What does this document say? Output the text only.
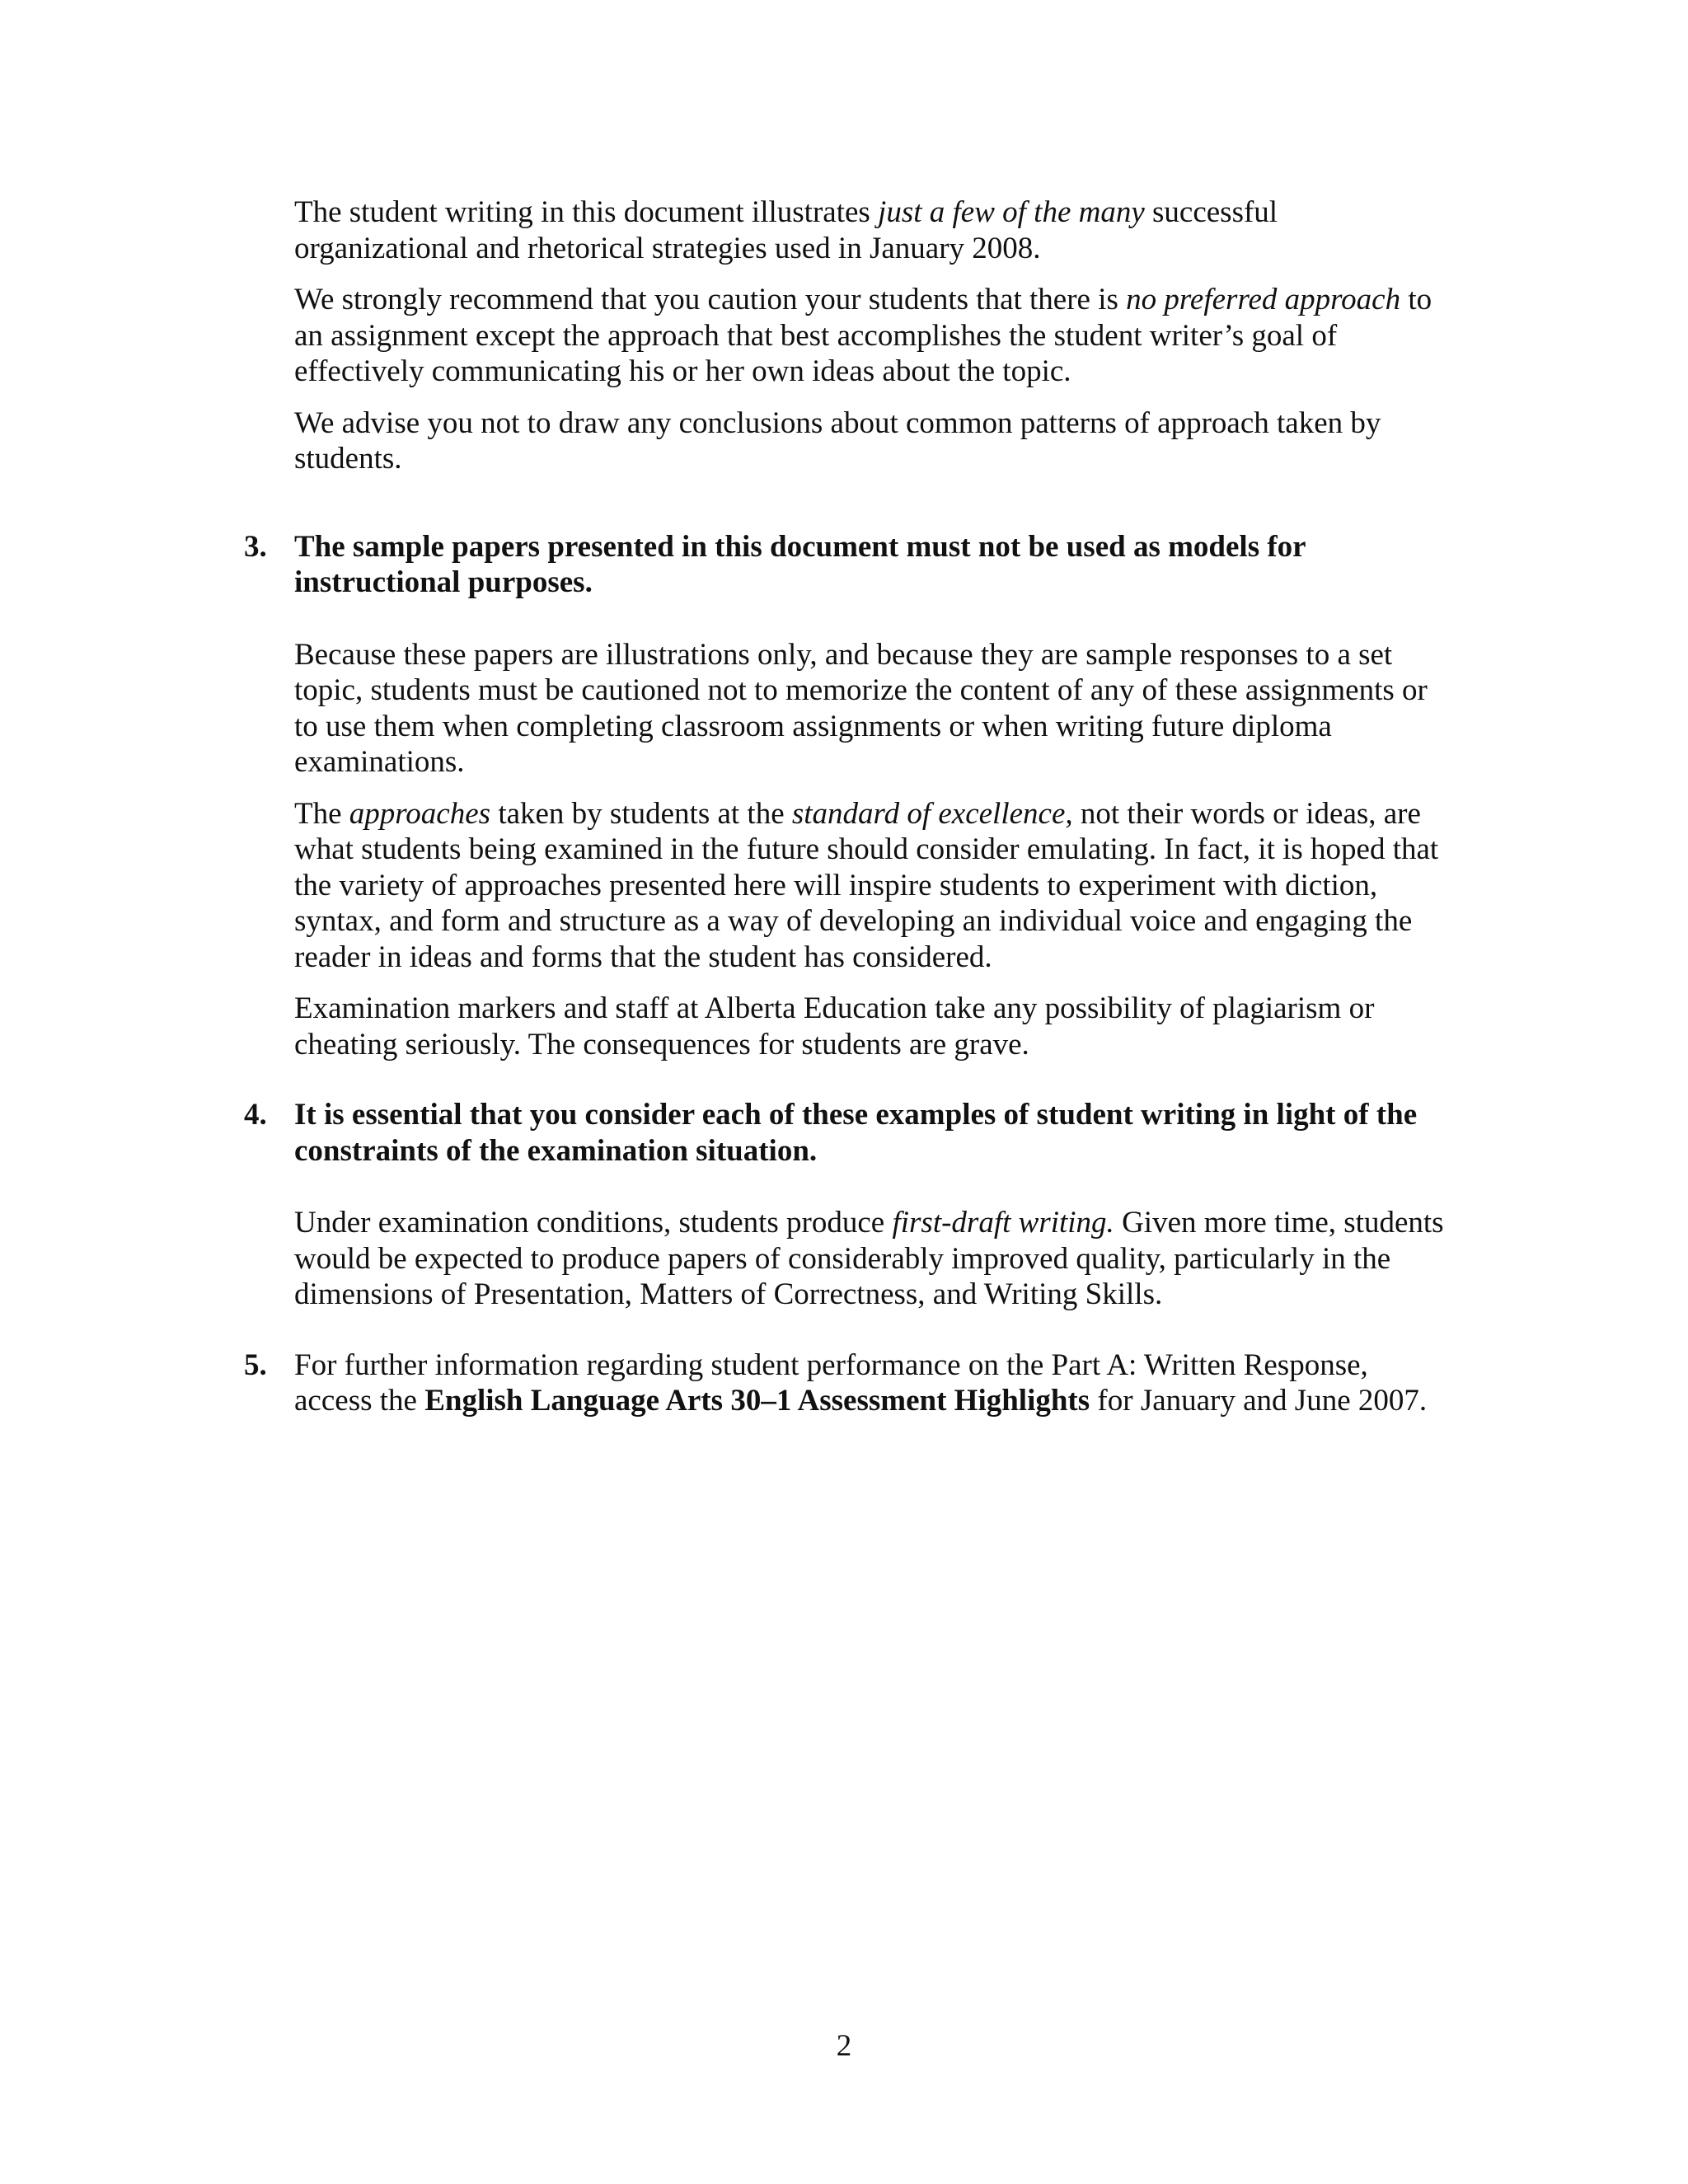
The student writing in this document illustrates just a few of the many successful organizational and rhetorical strategies used in January 2008.

We strongly recommend that you caution your students that there is no preferred approach to an assignment except the approach that best accomplishes the student writer’s goal of effectively communicating his or her own ideas about the topic.

We advise you not to draw any conclusions about common patterns of approach taken by students.

3. The sample papers presented in this document must not be used as models for instructional purposes.

Because these papers are illustrations only, and because they are sample responses to a set topic, students must be cautioned not to memorize the content of any of these assignments or to use them when completing classroom assignments or when writing future diploma examinations.

The approaches taken by students at the standard of excellence, not their words or ideas, are what students being examined in the future should consider emulating. In fact, it is hoped that the variety of approaches presented here will inspire students to experiment with diction, syntax, and form and structure as a way of developing an individual voice and engaging the reader in ideas and forms that the student has considered.

Examination markers and staff at Alberta Education take any possibility of plagiarism or cheating seriously. The consequences for students are grave.

4. It is essential that you consider each of these examples of student writing in light of the constraints of the examination situation.

Under examination conditions, students produce first-draft writing. Given more time, students would be expected to produce papers of considerably improved quality, particularly in the dimensions of Presentation, Matters of Correctness, and Writing Skills.

5. For further information regarding student performance on the Part A: Written Response, access the English Language Arts 30–1 Assessment Highlights for January and June 2007.

2
